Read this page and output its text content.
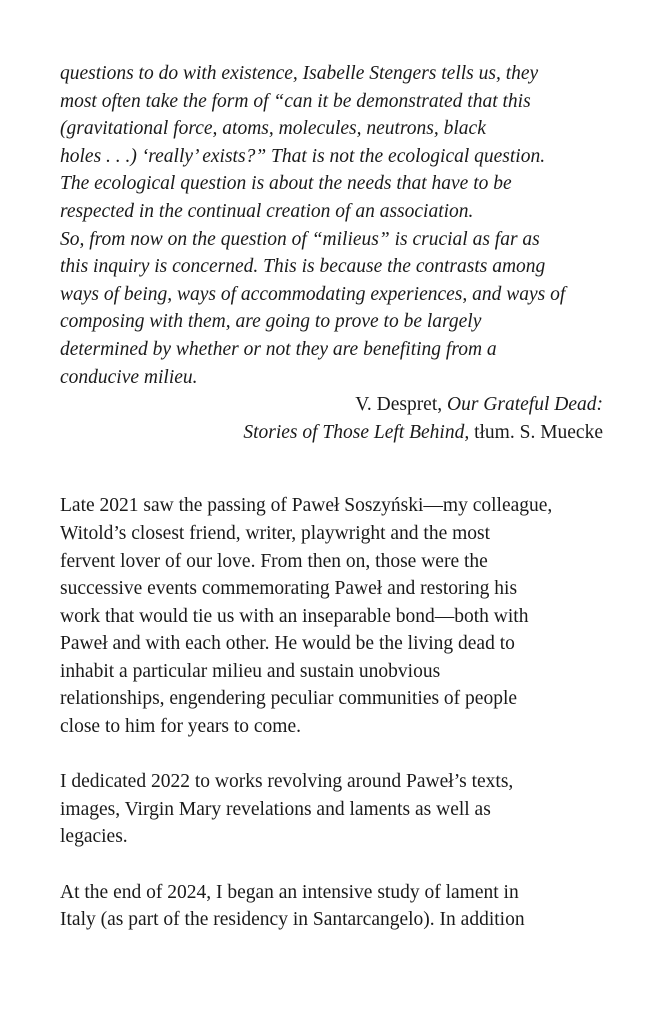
questions to do with existence, Isabelle Stengers tells us, they
most often take the form of “can it be demonstrated that this
(gravitational force, atoms, molecules, neutrons, black
holes . . .) ‘really’ exists?” That is not the ecological question.
The ecological question is about the needs that have to be
respected in the continual creation of an association.
So, from now on the question of “milieus” is crucial as far as
this inquiry is concerned. This is because the contrasts among
ways of being, ways of accommodating experiences, and ways of
composing with them, are going to prove to be largely
determined by whether or not they are benefiting from a
conducive milieu.
V. Despret, Our Grateful Dead:
Stories of Those Left Behind, tłum. S. Muecke

Late 2021 saw the passing of Paweł Soszyński—my colleague,
Witold’s closest friend, writer, playwright and the most
fervent lover of our love. From then on, those were the
successive events commemorating Paweł and restoring his
work that would tie us with an inseparable bond—both with
Paweł and with each other. He would be the living dead to
inhabit a particular milieu and sustain unobvious
relationships, engendering peculiar communities of people
close to him for years to come.

I dedicated 2022 to works revolving around Paweł’s texts,
images, Virgin Mary revelations and laments as well as
legacies.

At the end of 2024, I began an intensive study of lament in
Italy (as part of the residency in Santarcangelo). In addition
